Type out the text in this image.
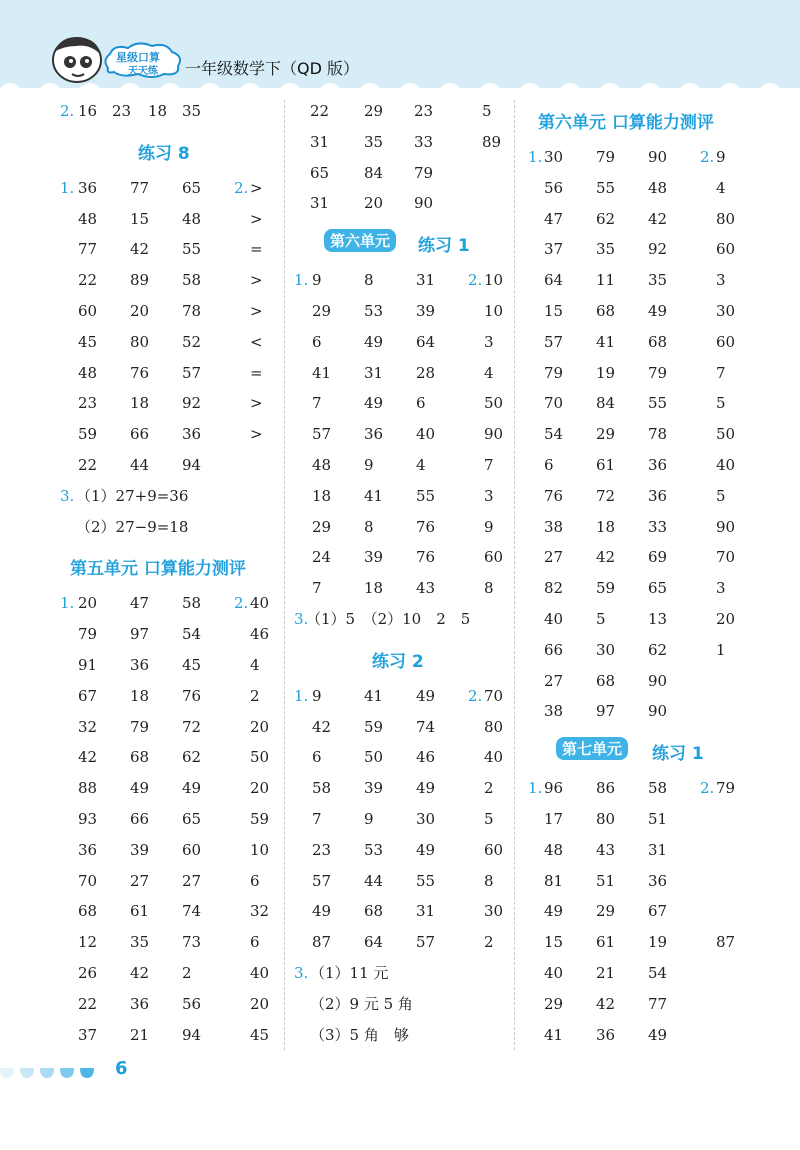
星级口算
天天练 一年级数学下（QD 版）
2. 16 23 18 35
练习 8
1. 36 77 65 2. >
48 15 48	>
77 42 55	=
22 89 58	>
60 20 78	>
45 80 52	<
48 76 57	=
23 18 92	>
59 66 36	>
22 44 94
3. （1）27+9=36
（2）27−9=18
第五单元 口算能力测评
1. 20 47 58 2. 40
79 97 54	46
91 36 45	4
67 18 76	2
32 79 72	20
42 68 62	50
88 49 49	20
93 66 65	59
36 39 60	10
70 27 27	6
68 61 74	32
12 35 73	6
26 42 2	40
22 36 56	20
37 21 94	45
22 29 23	5
31 35 33	89
65 84 79
31 20 90
第六单元	练习 1
1. 9	8	31 2. 10
29 53 39	10
6	49 64	3
41 31 28	4
7	49 6	50
57 36 40	90
48 9	4	7
18 41 55	3
29 8	76	9
24 39 76	60
7	18 43	8
3.
（1）5　（2）10　2　5
练习 2
1. 9	41 49 2. 70
42 59 74	80
6	50 46	40
58 39 49	2
7	9	30	5
23 53 49	60
57 44 55	8
49 68 31	30
87 64 57	2
3. （1）11 元
（2）9 元 5 角
（3）5 角　够
第六单元 口算能力测评
1. 30 79 90 2. 9
56 55 48	4
47 62 42	80
37 35 92	60
64 11 35	3
15 68 49	30
57 41 68	60
79 19 79	7
70 84 55	5
54 29 78	50
6	61 36	40
76 72 36	5
38 18 33	90
27 42 69	70
82 59 65	3
40 5	13	20
66 30 62	1
27 68 90
38 97 90
第七单元	练习 1
1. 96 86 58 2. 79
17 80 51
48 43 31
81 51 36
49 29 67
15 61 19	87
40 21 54
29 42 77
41 36 49
6
